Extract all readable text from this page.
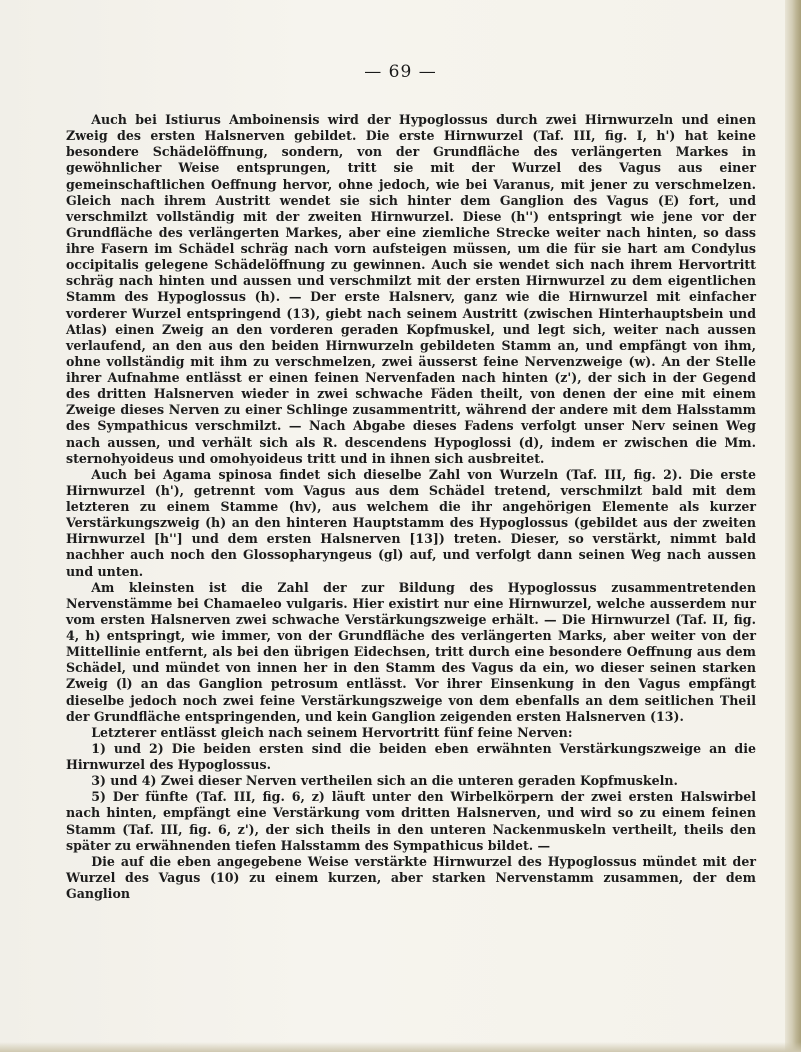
— 69 —

Auch bei Istiurus Amboinensis wird der Hypoglossus durch zwei Hirnwurzeln und einen Zweig des ersten Halsnerven gebildet. Die erste Hirnwurzel (Taf. III, fig. I, h') hat keine besondere Schädelöffnung, sondern, von der Grundfläche des verlängerten Markes in gewöhnlicher Weise entsprungen, tritt sie mit der Wurzel des Vagus aus einer gemeinschaftlichen Oeffnung hervor, ohne jedoch, wie bei Varanus, mit jener zu verschmelzen. Gleich nach ihrem Austritt wendet sie sich hinter dem Ganglion des Vagus (E) fort, und verschmilzt vollständig mit der zweiten Hirnwurzel. Diese (h'') entspringt wie jene vor der Grundfläche des verlängerten Markes, aber eine ziemliche Strecke weiter nach hinten, so dass ihre Fasern im Schädel schräg nach vorn aufsteigen müssen, um die für sie hart am Condylus occipitalis gelegene Schädelöffnung zu gewinnen. Auch sie wendet sich nach ihrem Hervortritt schräg nach hinten und aussen und verschmilzt mit der ersten Hirnwurzel zu dem eigentlichen Stamm des Hypoglossus (h). — Der erste Halsnerv, ganz wie die Hirnwurzel mit einfacher vorderer Wurzel entspringend (13), giebt nach seinem Austritt (zwischen Hinterhauptsbein und Atlas) einen Zweig an den vorderen geraden Kopfmuskel, und legt sich, weiter nach aussen verlaufend, an den aus den beiden Hirnwurzeln gebildeten Stamm an, und empfängt von ihm, ohne vollständig mit ihm zu verschmelzen, zwei äusserst feine Nervenzweige (w). An der Stelle ihrer Aufnahme entlässt er einen feinen Nervenfaden nach hinten (z'), der sich in der Gegend des dritten Halsnerven wieder in zwei schwache Fäden theilt, von denen der eine mit einem Zweige dieses Nerven zu einer Schlinge zusammentritt, während der andere mit dem Halsstamm des Sympathicus verschmilzt. — Nach Abgabe dieses Fadens verfolgt unser Nerv seinen Weg nach aussen, und verhält sich als R. descendens Hypoglossi (d), indem er zwischen die Mm. sternohyoideus und omohyoideus tritt und in ihnen sich ausbreitet.

Auch bei Agama spinosa findet sich dieselbe Zahl von Wurzeln (Taf. III, fig. 2). Die erste Hirnwurzel (h'), getrennt vom Vagus aus dem Schädel tretend, verschmilzt bald mit dem letzteren zu einem Stamme (hv), aus welchem die ihr angehörigen Elemente als kurzer Verstärkungszweig (h) an den hinteren Hauptstamm des Hypoglossus (gebildet aus der zweiten Hirnwurzel [h''] und dem ersten Halsnerven [13]) treten. Dieser, so verstärkt, nimmt bald nachher auch noch den Glossopharyngeus (gl) auf, und verfolgt dann seinen Weg nach aussen und unten.

Am kleinsten ist die Zahl der zur Bildung des Hypoglossus zusammentretenden Nervenstämme bei Chamaeleo vulgaris. Hier existirt nur eine Hirnwurzel, welche ausserdem nur vom ersten Halsnerven zwei schwache Verstärkungszweige erhält. — Die Hirnwurzel (Taf. II, fig. 4, h) entspringt, wie immer, von der Grundfläche des verlängerten Marks, aber weiter von der Mittellinie entfernt, als bei den übrigen Eidechsen, tritt durch eine besondere Oeffnung aus dem Schädel, und mündet von innen her in den Stamm des Vagus da ein, wo dieser seinen starken Zweig (l) an das Ganglion petrosum entlässt. Vor ihrer Einsenkung in den Vagus empfängt dieselbe jedoch noch zwei feine Verstärkungszweige von dem ebenfalls an dem seitlichen Theil der Grundfläche entspringenden, und kein Ganglion zeigenden ersten Halsnerven (13).

Letzterer entlässt gleich nach seinem Hervortritt fünf feine Nerven:

1) und 2) Die beiden ersten sind die beiden eben erwähnten Verstärkungszweige an die Hirnwurzel des Hypoglossus.

3) und 4) Zwei dieser Nerven vertheilen sich an die unteren geraden Kopfmuskeln.

5) Der fünfte (Taf. III, fig. 6, z) läuft unter den Wirbelkörpern der zwei ersten Halswirbel nach hinten, empfängt eine Verstärkung vom dritten Halsnerven, und wird so zu einem feinen Stamm (Taf. III, fig. 6, z'), der sich theils in den unteren Nackenmuskeln vertheilt, theils den später zu erwähnenden tiefen Halsstamm des Sympathicus bildet. —

Die auf die eben angegebene Weise verstärkte Hirnwurzel des Hypoglossus mündet mit der Wurzel des Vagus (10) zu einem kurzen, aber starken Nervenstamm zusammen, der dem Ganglion
